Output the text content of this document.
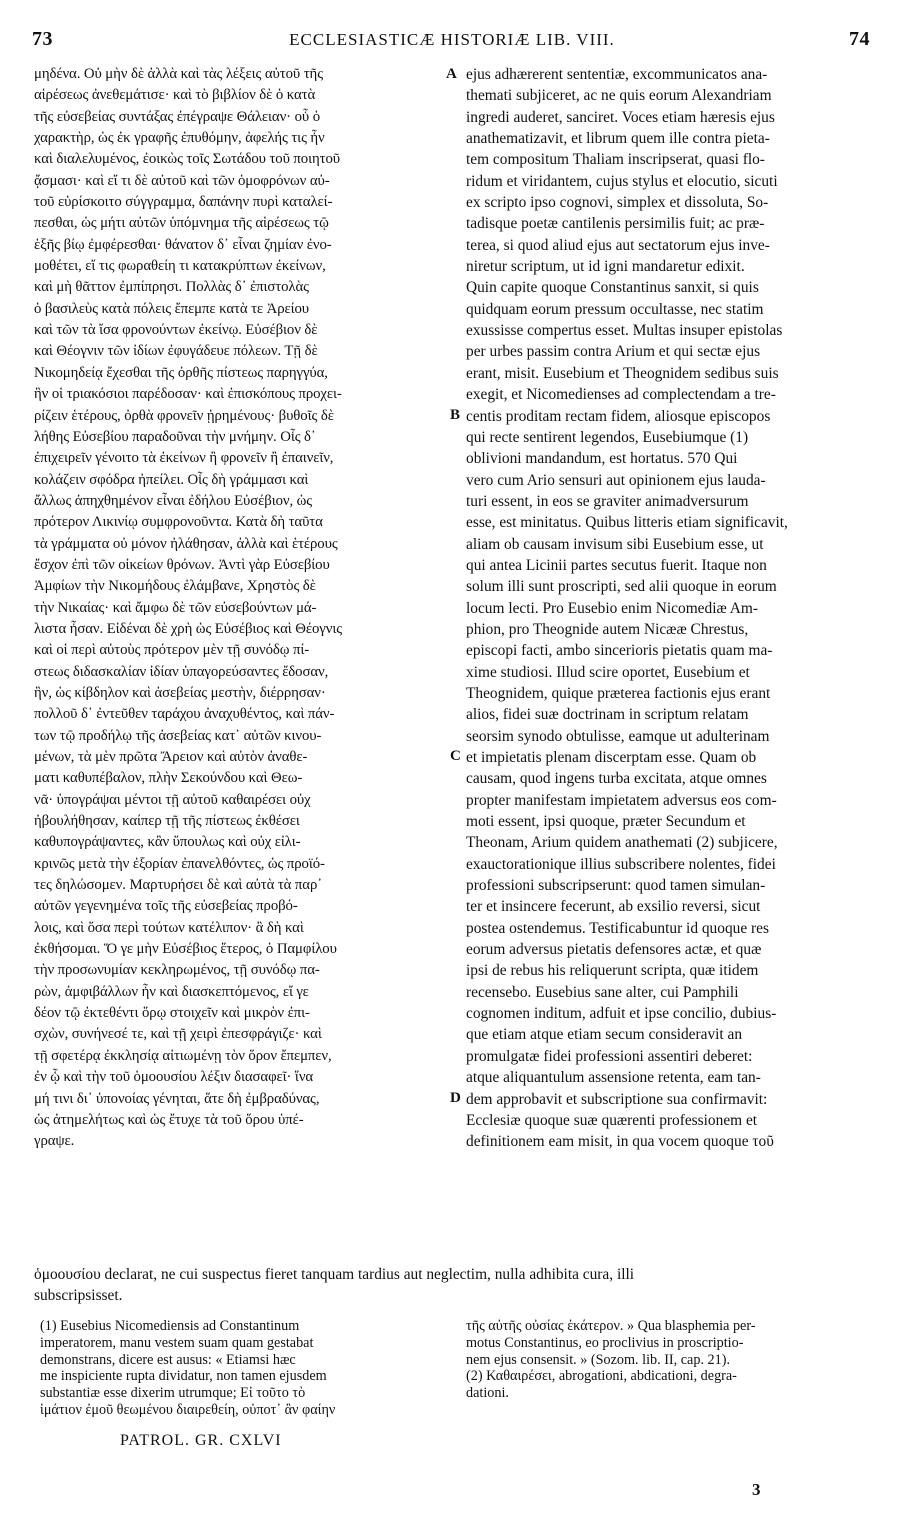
73	ECCLESIASTICÆ HISTORIÆ LIB. VIII.	74
μηδένα. Οὐ μὴν δὲ ἀλλὰ καὶ τὰς λέξεις αὐτοῦ τῆς
αἱρέσεως ἀνεθεμάτισε· καὶ τὸ βιβλίον δὲ ὁ κατὰ
τῆς εὐσεβείας συντάξας ἐπέγραψε Θάλειαν· οὗ ὁ
χαρακτὴρ, ὡς ἐκ γραφῆς ἐπυθόμην, ἀφελής τις ἦν
καὶ διαλελυμένος, ἐοικὼς τοῖς Σωτάδου τοῦ ποιητοῦ
ᾄσμασι· καὶ εἴ τι δὲ αὐτοῦ καὶ τῶν ὁμοφρόνων αὐ-
τοῦ εὑρίσκοιτο σύγγραμμα, δαπάνην πυρὶ καταλεί-
πεσθαι, ὡς μήτι αὐτῶν ὑπόμνημα τῆς αἱρέσεως τῷ
ἑξῆς βίῳ ἐμφέρεσθαι· θάνατον δ᾽ εἶναι ζημίαν ἐνο-
μοθέτει, εἴ τις φωραθείη τι κατακρύπτων ἐκείνων,
καὶ μὴ θᾶττον ἐμπίπρησι. Πολλὰς δ᾽ ἐπιστολὰς
ὁ βασιλεὺς κατὰ πόλεις ἔπεμπε κατὰ τε Ἀρείου
καὶ τῶν τὰ ἴσα φρονούντων ἐκείνῳ. Εὐσέβιον δὲ
καὶ Θέογνιν τῶν ἰδίων ἐφυγάδευε πόλεων. Τῇ δὲ
Νικομηδείᾳ ἔχεσθαι τῆς ὀρθῆς πίστεως παρηγγύα,
ἣν οἱ τριακόσιοι παρέδοσαν· καὶ ἐπισκόπους προχει-
ρίζειν ἑτέρους, ὀρθὰ φρονεῖν ᾑρημένους· βυθοῖς δὲ
λήθης Εὐσεβίου παραδοῦναι τὴν μνήμην. Οἷς δ᾽
ἐπιχειρεῖν γένοιτο τὰ ἐκείνων ἢ φρονεῖν ἢ ἐπαινεῖν,
κολάζειν σφόδρα ἠπείλει. Οἷς δὴ γράμμασι καὶ
ἄλλως ἀπηχθημένον εἶναι ἐδήλου Εὐσέβιον, ὡς
πρότερον Λικινίῳ συμφρονοῦντα. Κατὰ δὴ ταῦτα
τὰ γράμματα οὐ μόνον ἠλάθησαν, ἀλλὰ καὶ ἑτέρους
ἔσχον ἐπὶ τῶν οἰκείων θρόνων. Ἀντὶ γὰρ Εὐσεβίου
Ἀμφίων τὴν Νικομήδους ἐλάμβανε, Χρηστὸς δὲ
τὴν Νικαίας· καὶ ἄμφω δὲ τῶν εὐσεβούντων μά-
λιστα ἦσαν. Εἰδέναι δὲ χρὴ ὡς Εὐσέβιος καὶ Θέογνις
καὶ οἱ περὶ αὐτοὺς πρότερον μὲν τῇ συνόδῳ πί-
στεως διδασκαλίαν ἰδίαν ὑπαγορεύσαντες ἔδοσαν,
ἣν, ὡς κίβδηλον καὶ ἀσεβείας μεστὴν, διέρρησαν·
πολλοῦ δ᾽ ἐντεῦθεν ταράχου ἀναχυθέντος, καὶ πάν-
των τῷ προδήλῳ τῆς ἀσεβείας κατ᾽ αὐτῶν κινου-
μένων, τὰ μὲν πρῶτα Ἄρειον καὶ αὐτὸν ἀναθε-
ματι καθυπέβαλον, πλὴν Σεκούνδου καὶ Θεω-
νᾶ· ὑπογράψαι μέντοι τῇ αὐτοῦ καθαιρέσει οὐχ
ἠβουλήθησαν, καίπερ τῇ τῆς πίστεως ἐκθέσει
καθυπογράψαντες, κἂν ὕπουλως καὶ οὐχ εἰλι-
κρινῶς μετὰ τὴν ἐξορίαν ἐπανελθόντες, ὡς προϊό-
τες δηλώσομεν. Μαρτυρήσει δὲ καὶ αὐτὰ τὰ παρ᾽
αὐτῶν γεγενημένα τοῖς τῆς εὐσεβείας προβό-
λοις, καὶ ὅσα περὶ τούτων κατέλιπον· ἃ δὴ καὶ
ἐκθήσομαι. Ὅ γε μὴν Εὐσέβιος ἕτερος, ὁ Παμφίλου
τὴν προσωνυμίαν κεκληρωμένος, τῇ συνόδῳ πα-
ρὼν, ἀμφιβάλλων ἦν καὶ διασκεπτόμενος, εἴ γε
δέον τῷ ἐκτεθέντι ὅρῳ στοιχεῖν καὶ μικρὸν ἐπι-
σχὼν, συνήνεσέ τε, καὶ τῇ χειρὶ ἐπεσφράγιζε· καὶ
τῇ σφετέρᾳ ἐκκλησίᾳ αἰτιωμένῃ τὸν ὅρον ἔπεμπεν,
ἐν ᾧ καὶ τὴν τοῦ ὁμοουσίου λέξιν διασαφεῖ· ἵνα
μή τινι δι᾽ ὑπονοίας γένηται, ἅτε δὴ ἐμβραδύνας,
ὡς ἀτημελήτως καὶ ὡς ἔτυχε τὰ τοῦ ὅρου ὑπέ-
γραψε.
A
B
C
D
ejus adhærerent sententiæ, excommunicatos ana-
themati subjiceret, ac ne quis eorum Alexandriam
ingredi auderet, sanciret. Voces etiam hæresis ejus
anathematizavit, et librum quem ille contra pieta-
tem compositum Thaliam inscripserat, quasi flo-
ridum et viridantem, cujus stylus et elocutio, sicuti
ex scripto ipso cognovi, simplex et dissoluta, So-
tadisque poetæ cantilenis persimilis fuit; ac præ-
terea, si quod aliud ejus aut sectatorum ejus inve-
niretur scriptum, ut id igni mandaretur edixit.
Quin capite quoque Constantinus sanxit, si quis
quidquam eorum pressum occultasse, nec statim
exussisse compertus esset. Multas insuper epistolas
per urbes passim contra Arium et qui sectæ ejus
erant, misit. Eusebium et Theognidem sedibus suis
exegit, et Nicomedienses ad complectendam a tre-
centis proditam rectam fidem, aliosque episcopos
qui recte sentirent legendos, Eusebiumque (1)
oblivioni mandandum, est hortatus. 570 Qui
vero cum Ario sensuri aut opinionem ejus lauda-
turi essent, in eos se graviter animadversurum
esse, est minitatus. Quibus litteris etiam significavit,
aliam ob causam invisum sibi Eusebium esse, ut
qui antea Licinii partes secutus fuerit. Itaque non
solum illi sunt proscripti, sed alii quoque in eorum
locum lecti. Pro Eusebio enim Nicomediæ Am-
phion, pro Theognide autem Nicææ Chrestus,
episcopi facti, ambo sincerioris pietatis quam ma-
xime studiosi. Illud scire oportet, Eusebium et
Theognidem, quique præterea factionis ejus erant
alios, fidei suæ doctrinam in scriptum relatam
seorsim synodo obtulisse, eamque ut adulterinam
et impietatis plenam discerptam esse. Quam ob
causam, quod ingens turba excitata, atque omnes
propter manifestam impietatem adversus eos com-
moti essent, ipsi quoque, præter Secundum et
Theonam, Arium quidem anathemati (2) subjicere,
exauctorationique illius subscribere nolentes, fidei
professioni subscripserunt: quod tamen simulan-
ter et insincere fecerunt, ab exsilio reversi, sicut
postea ostendemus. Testificabuntur id quoque res
eorum adversus pietatis defensores actæ, et quæ
ipsi de rebus his reliquerunt scripta, quæ itidem
recensebo. Eusebius sane alter, cui Pamphili
cognomen inditum, adfuit et ipse concilio, dubius-
que etiam atque etiam secum consideravit an
promulgatæ fidei professioni assentiri deberet:
atque aliquantulum assensione retenta, eam tan-
dem approbavit et subscriptione sua confirmavit:
Ecclesiæ quoque suæ quærenti professionem et
definitionem eam misit, in qua vocem quoque τοῦ
ὁμοουσίου declarat, ne cui suspectus fieret tanquam tardius aut neglectim, nulla adhibita cura, illi
subscripsisset.
(1) Eusebius Nicomediensis ad Constantinum
imperatorem, manu vestem suam quam gestabat
demonstrans, dicere est ausus: « Etiamsi hæc
me inspiciente rupta dividatur, non tamen ejusdem
substantiæ esse dixerim utrumque; Εἰ τοῦτο τὸ
ἱμάτιον ἐμοῦ θεωμένου διαιρεθείη, οὐποτ᾽ ἂν φαίην
τῆς αὐτῆς οὐσίας ἑκάτερον. » Qua blasphemia per-
motus Constantinus, eo proclivius in proscriptio-
nem ejus consensit. » (Sozom. lib. II, cap. 21).
(2) Καθαιρέσει, abrogationi, abdicationi, degra-
dationi.
PATROL. GR. CXLVI
3
